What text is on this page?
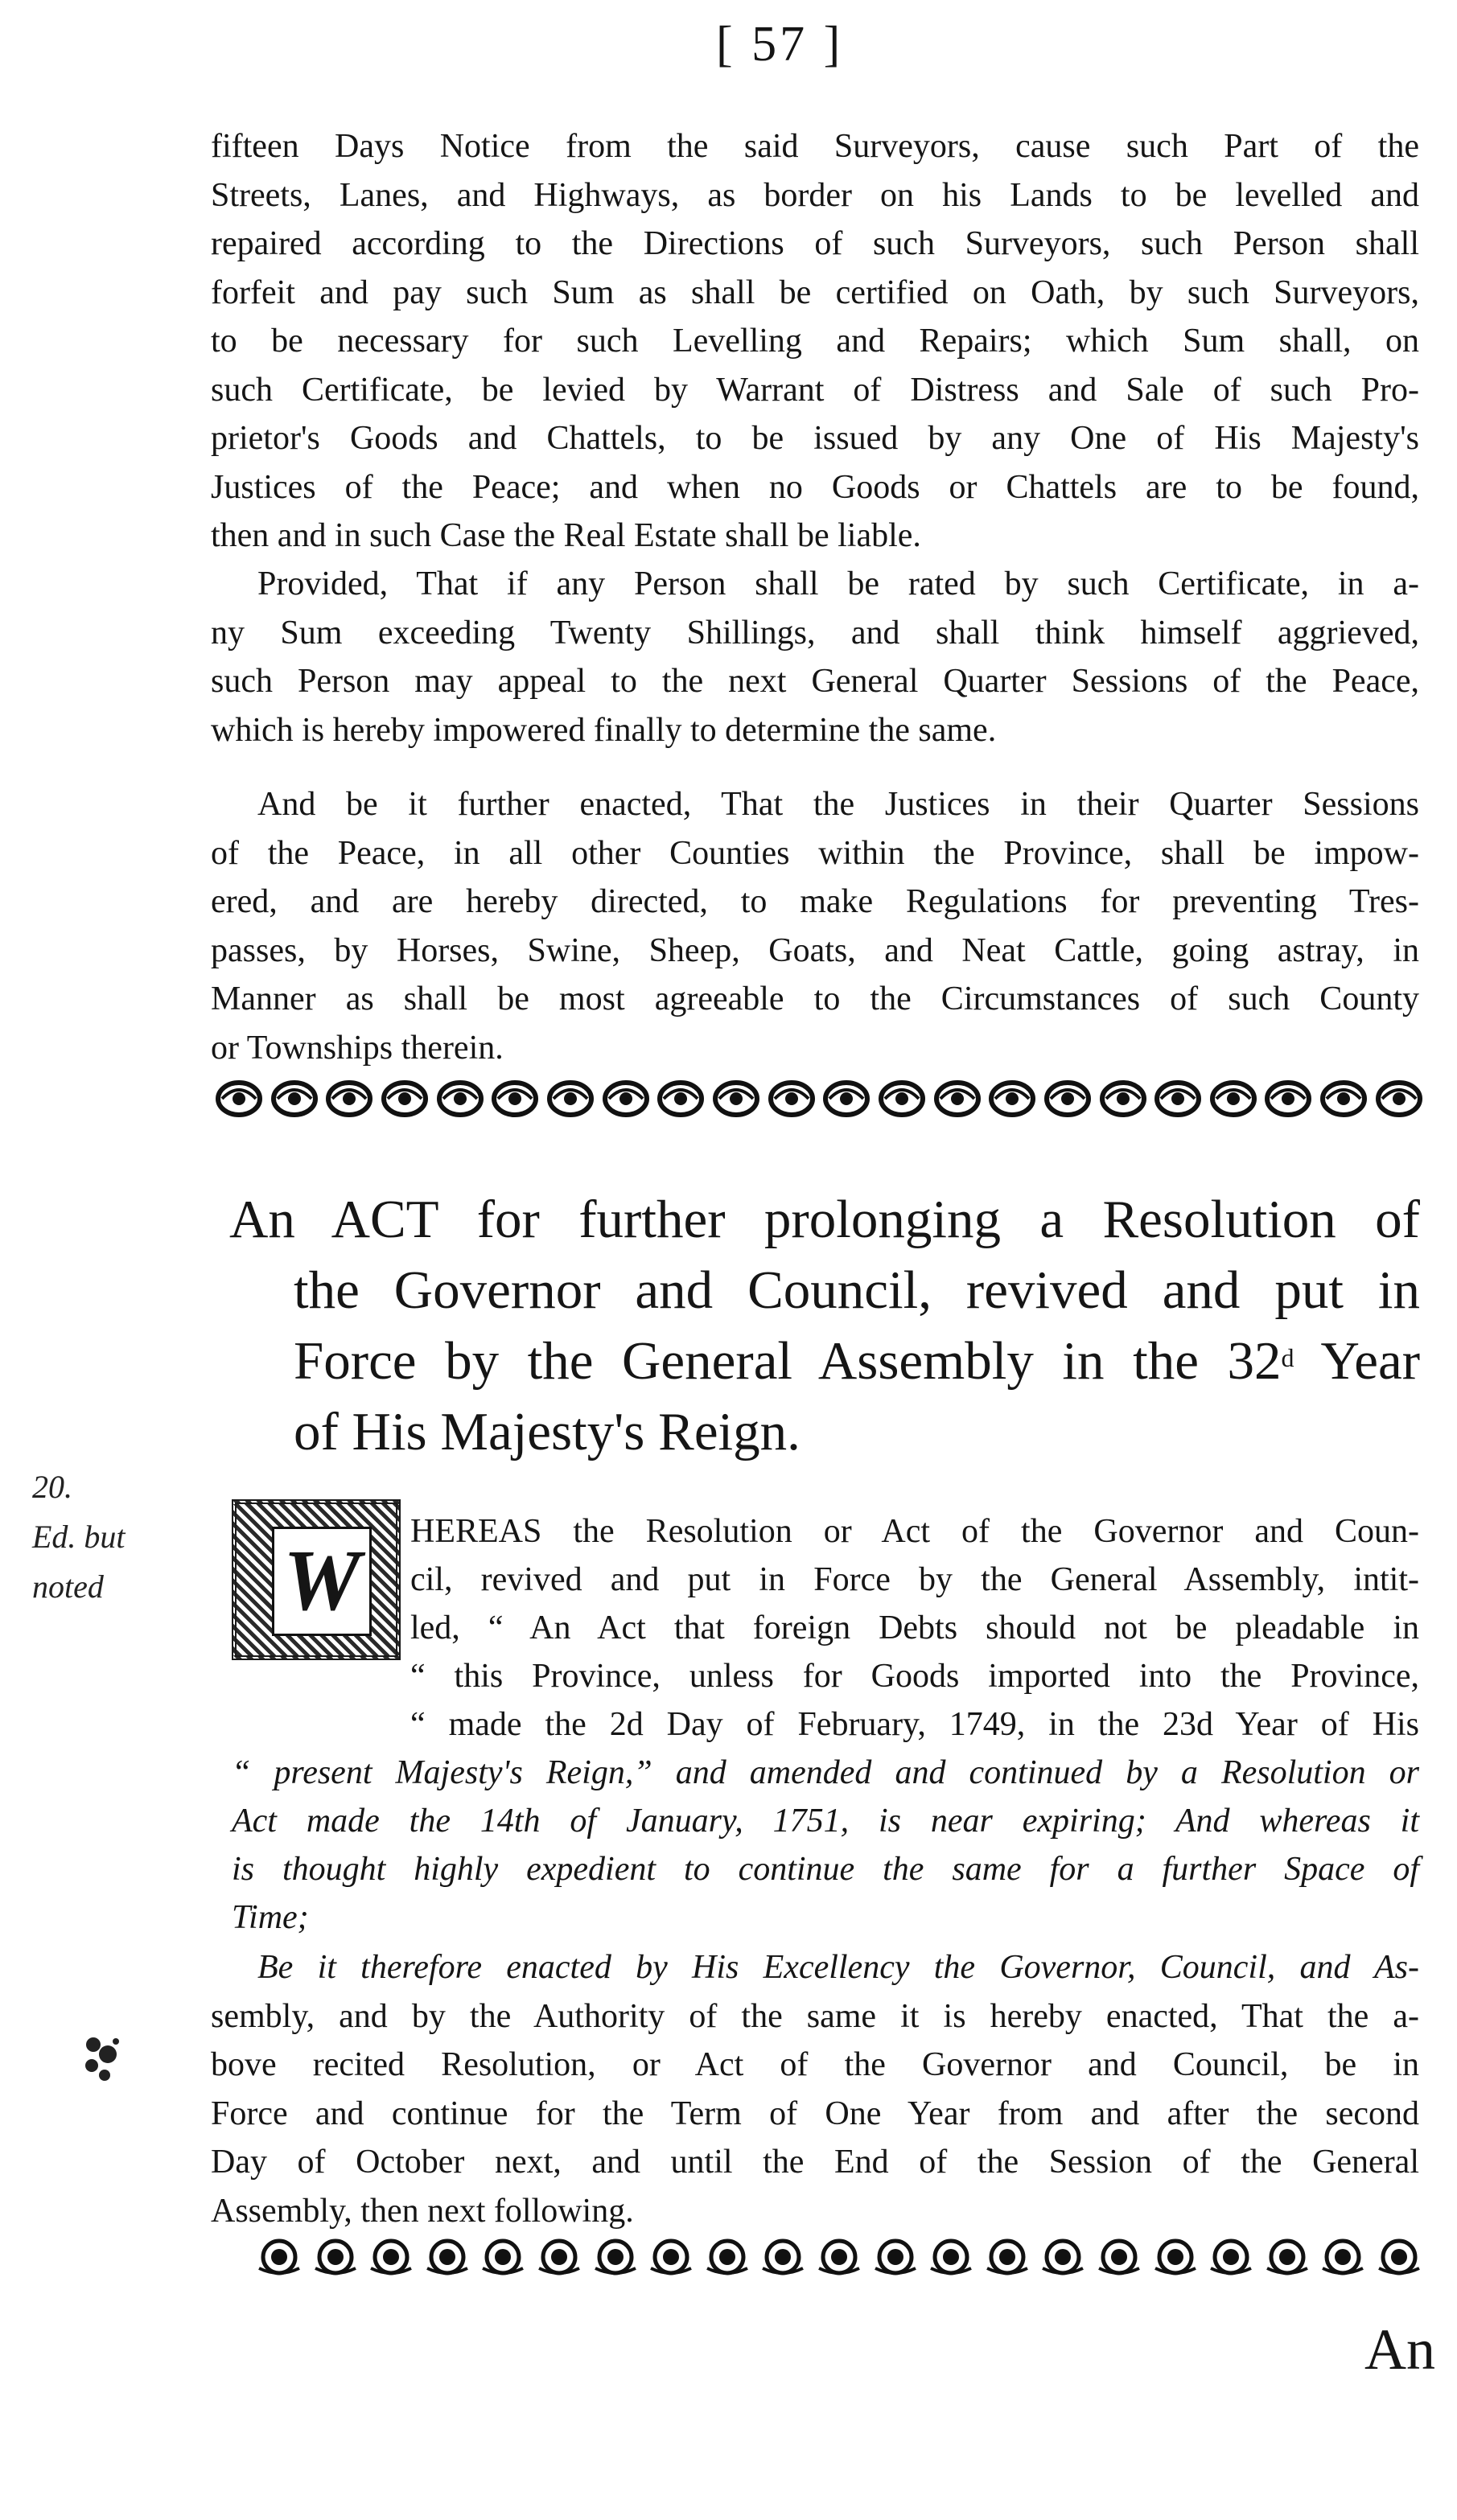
[ 57 ]
fifteen Days Notice from the said Surveyors, cause such Part of the
Streets, Lanes, and Highways, as border on his Lands to be levelled and
repaired according to the Directions of such Surveyors, such Person shall
forfeit and pay such Sum as shall be certified on Oath, by such Surveyors,
to be necessary for such Levelling and Repairs; which Sum shall, on
such Certificate, be levied by Warrant of Distress and Sale of such Pro-
prietor's Goods and Chattels, to be issued by any One of His Majesty's
Justices of the Peace; and when no Goods or Chattels are to be found,
then and in such Case the Real Estate shall be liable.
Provided, That if any Person shall be rated by such Certificate, in a-
ny Sum exceeding Twenty Shillings, and shall think himself aggrieved,
such Person may appeal to the next General Quarter Sessions of the Peace,
which is hereby impowered finally to determine the same.
And be it further enacted, That the Justices in their Quarter Sessions
of the Peace, in all other Counties within the Province, shall be impow-
ered, and are hereby directed, to make Regulations for preventing Tres-
passes, by Horses, Swine, Sheep, Goats, and Neat Cattle, going astray, in
Manner as shall be most agreeable to the Circumstances of such County
or Townships therein.
An ACT for further prolonging a Resolution of
the Governor and Council, revived and put in
Force by the General Assembly in the 32$^d$ Year
of His Majesty's Reign.
20.
Ed. but
noted W
HEREAS the Resolution or Act of the Governor and Coun-
cil, revived and put in Force by the General Assembly, intit-
led, “ An Act that foreign Debts should not be pleadable in
“ this Province, unless for Goods imported into the Province,
“ made the 2d Day of February, 1749, in the 23d Year of His
“ present Majesty's Reign,” and amended and continued by a Resolution or
Act made the 14th of January, 1751, is near expiring; And whereas it
is thought highly expedient to continue the same for a further Space of
Time;
Be it therefore enacted by His Excellency the Governor, Council, and As-
sembly, and by the Authority of the same it is hereby enacted, That the a-
bove recited Resolution, or Act of the Governor and Council, be in
Force and continue for the Term of One Year from and after the second
Day of October next, and until the End of the Session of the General
Assembly, then next following.
An
